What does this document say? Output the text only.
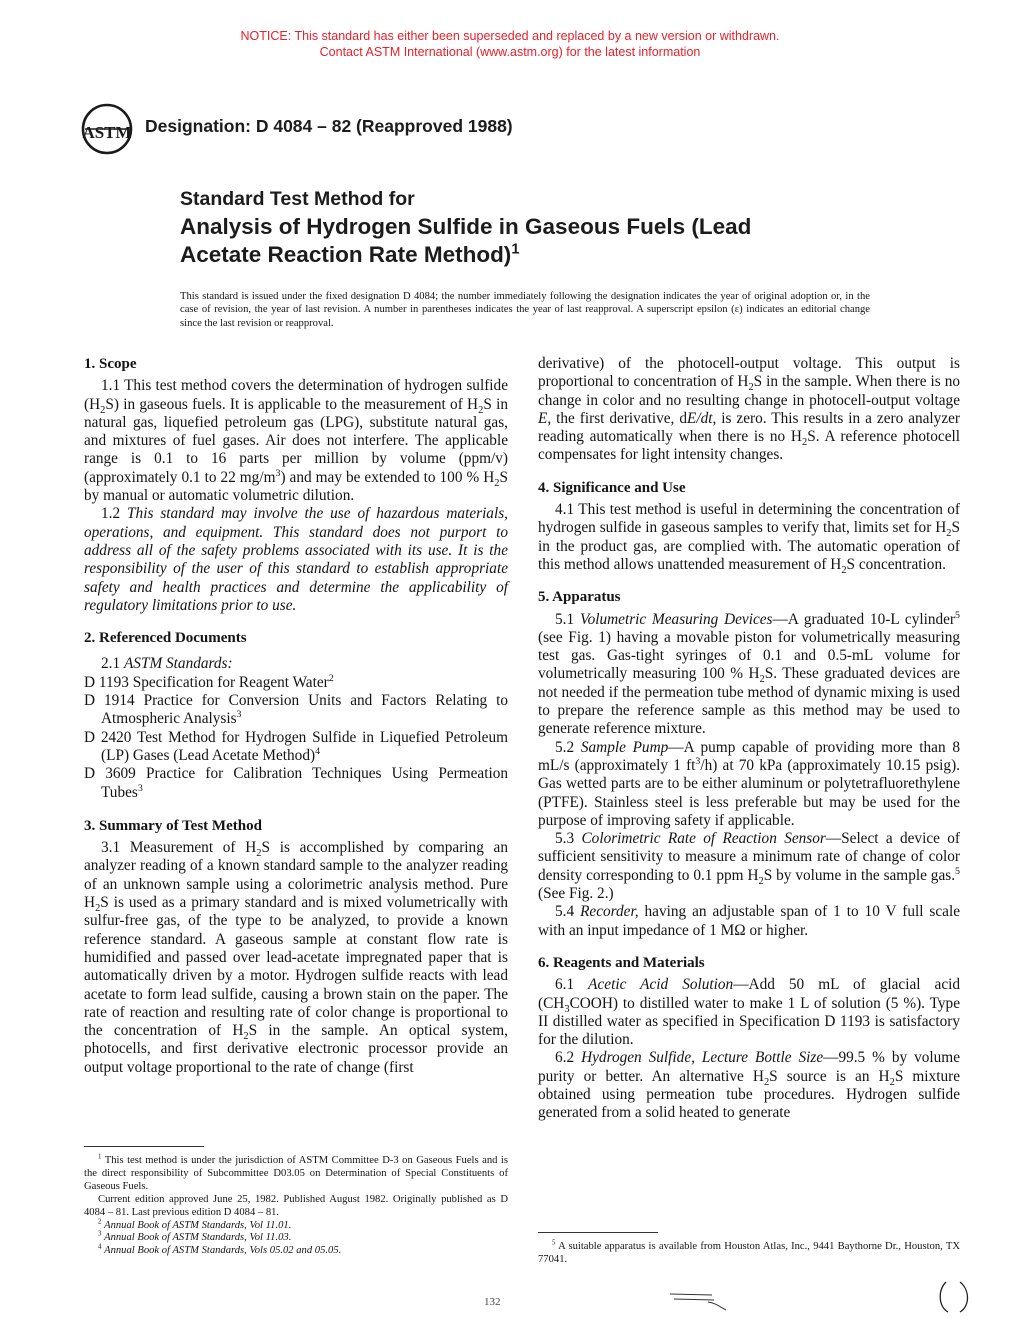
NOTICE: This standard has either been superseded and replaced by a new version or withdrawn.
Contact ASTM International (www.astm.org) for the latest information
ASTM Designation: D 4084 – 82 (Reapproved 1988)
Standard Test Method for
Analysis of Hydrogen Sulfide in Gaseous Fuels (Lead
Acetate Reaction Rate Method)$^1$
This standard is issued under the fixed designation D 4084; the number immediately following the designation indicates the year of original adoption or, in the case of revision, the year of last revision. A number in parentheses indicates the year of last reapproval. A superscript epsilon (ε) indicates an editorial change since the last revision or reapproval.
1. Scope

1.1 This test method covers the determination of hydrogen sulfide $(H_2S)$ in gaseous fuels. It is applicable to the measurement of $H_2S$ in natural gas, liquefied petroleum gas (LPG), substitute natural gas, and mixtures of fuel gases. Air does not interfere. The applicable range is 0.1 to 16 parts per million by volume (ppm/v) (approximately 0.1 to 22 $mg/m^3$) and may be extended to 100 % $H_2S$ by manual or automatic volumetric dilution.

1.2 This standard may involve the use of hazardous materials, operations, and equipment. This standard does not purport to address all of the safety problems associated with its use. It is the responsibility of the user of this standard to establish appropriate safety and health practices and determine the applicability of regulatory limitations prior to use.

2. Referenced Documents
2.1 ASTM Standards:
D 1193 Specification for Reagent Water$^2$
D 1914 Practice for Conversion Units and Factors Relating to Atmospheric Analysis$^3$
D 2420 Test Method for Hydrogen Sulfide in Liquefied Petroleum (LP) Gases (Lead Acetate Method)$^4$
D 3609 Practice for Calibration Techniques Using Permeation Tubes$^3$
3. Summary of Test Method

3.1 Measurement of $H_2S$ is accomplished by comparing an analyzer reading of a known standard sample to the analyzer reading of an unknown sample using a colorimetric analysis method. Pure $H_2S$ is used as a primary standard and is mixed volumetrically with sulfur-free gas, of the type to be analyzed, to provide a known reference standard. A gaseous sample at constant flow rate is humidified and passed over lead-acetate impregnated paper that is automatically driven by a motor. Hydrogen sulfide reacts with lead acetate to form lead sulfide, causing a brown stain on the paper. The rate of reaction and resulting rate of color change is proportional to the concentration of $H_2S$ in the sample. An optical system, photocells, and first derivative electronic processor provide an output voltage proportional to the rate of change (first

$^1$ This test method is under the jurisdiction of ASTM Committee D-3 on Gaseous Fuels and is the direct responsibility of Subcommittee D03.05 on Determination of Special Constituents of Gaseous Fuels.

Current edition approved June 25, 1982. Published August 1982. Originally published as D 4084 – 81. Last previous edition D 4084 – 81.

$^2$ Annual Book of ASTM Standards, Vol 11.01.

$^3$ Annual Book of ASTM Standards, Vol 11.03.

$^4$ Annual Book of ASTM Standards, Vols 05.02 and 05.05.

derivative) of the photocell-output voltage. This output is proportional to concentration of $H_2S$ in the sample. When there is no change in color and no resulting change in photocell-output voltage E, the first derivative, dE/dt, is zero. This results in a zero analyzer reading automatically when there is no $H_2S$. A reference photocell compensates for light intensity changes.

4. Significance and Use

4.1 This test method is useful in determining the concentration of hydrogen sulfide in gaseous samples to verify that, limits set for $H_2S$ in the product gas, are complied with. The automatic operation of this method allows unattended measurement of $H_2S$ concentration.

5. Apparatus

5.1 Volumetric Measuring Devices—A graduated 10-L cylinder$^5$ (see Fig. 1) having a movable piston for volumetrically measuring test gas. Gas-tight syringes of 0.1 and 0.5-mL volume for volumetrically measuring 100 % $H_2S$. These graduated devices are not needed if the permeation tube method of dynamic mixing is used to prepare the reference sample as this method may be used to generate reference mixture.

5.2 Sample Pump—A pump capable of providing more than 8 mL/s (approximately 1 $ft^3/h$) at 70 kPa (approximately 10.15 psig). Gas wetted parts are to be either aluminum or polytetrafluorethylene (PTFE). Stainless steel is less preferable but may be used for the purpose of improving safety if applicable.

5.3 Colorimetric Rate of Reaction Sensor—Select a device of sufficient sensitivity to measure a minimum rate of change of color density corresponding to 0.1 ppm $H_2S$ by volume in the sample gas.$^5$ (See Fig. 2.)

5.4 Recorder, having an adjustable span of 1 to 10 V full scale with an input impedance of 1 MΩ or higher.

6. Reagents and Materials

6.1 Acetic Acid Solution—Add 50 mL of glacial acid $(CH_3COOH)$ to distilled water to make 1 L of solution (5 %). Type II distilled water as specified in Specification D 1193 is satisfactory for the dilution.

6.2 Hydrogen Sulfide, Lecture Bottle Size—99.5 % by volume purity or better. An alternative $H_2S$ source is an $H_2S$ mixture obtained using permeation tube procedures. Hydrogen sulfide generated from a solid heated to generate

$^5$ A suitable apparatus is available from Houston Atlas, Inc., 9441 Baythorne Dr., Houston, TX 77041.

132
